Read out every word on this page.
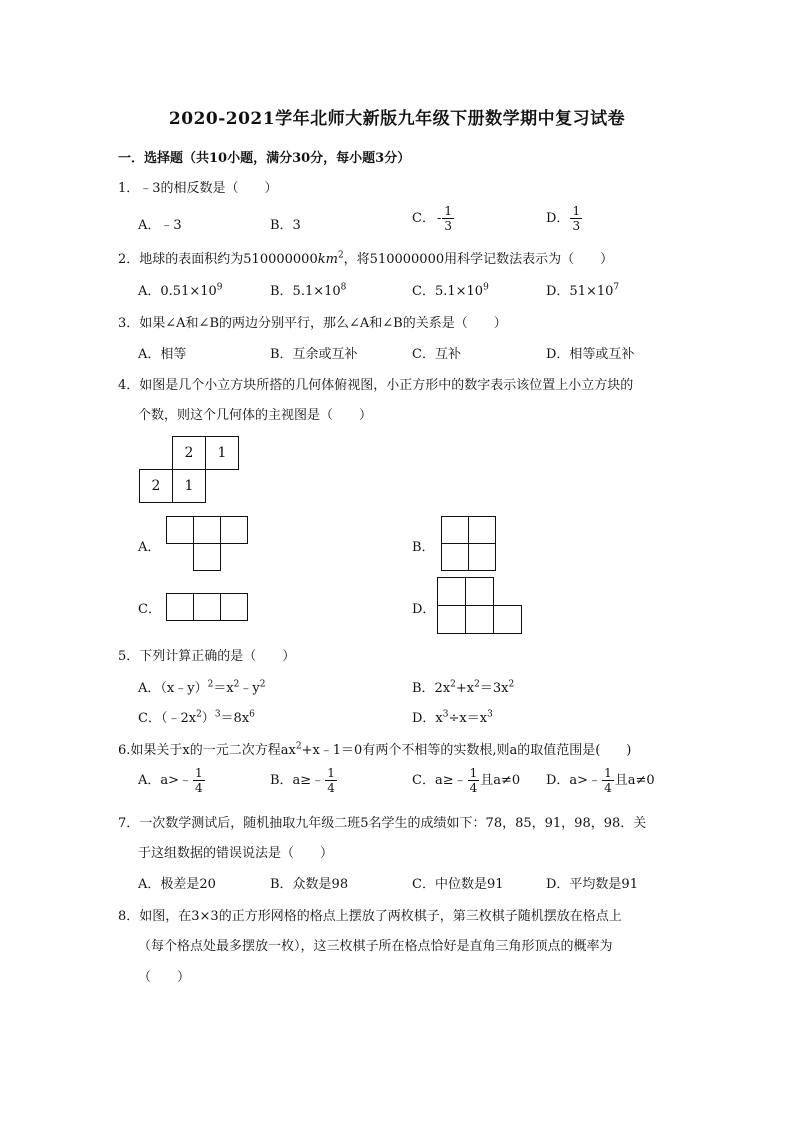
2020-2021学年北师大新版九年级下册数学期中复习试卷
一．选择题（共10小题，满分30分，每小题3分）
1．﹣3的相反数是（　　）
A．﹣3	B．3	C． - $\frac{1}{3}$	D． $\frac{1}{3}$
2．地球的表面积约为$510000000km^2$，将510000000用科学记数法表示为（　　）
A．$0.51\times 10^9$	B．$5.1\times 10^8$	C．$5.1\times 10^9$	D．$51\times 10^7$
3．如果∠A和∠B的两边分别平行，那么∠A和∠B的关系是（　　）
A．相等	B．互余或互补	C．互补	D．相等或互补
4．如图是几个小立方块所搭的几何体俯视图，小正方形中的数字表示该位置上小立方块的
个数，则这个几何体的主视图是（　　）
2	1
2	1
A．	B．
C．	D．
5．下列计算正确的是（　　）
A．$(x﹣y)^2=x^2﹣y^2$	B．$2x^2+x^2=3x^2$
C．$(﹣2x^2)^3=8x^6$	D．$x^3\div x=x^3$
6.如果关于x的一元二次方程$ax^2+x﹣1=0$有两个不相等的实数根,则a的取值范围是(　　)
A．a>﹣ $\frac{1}{4}$	B．a≥﹣ $\frac{1}{4}$	C．a≥﹣ $\frac{1}{4}$ 且a≠0 D．a>﹣ $\frac{1}{4}$ 且a≠0
7．一次数学测试后，随机抽取九年级二班5名学生的成绩如下：78，85，91，98，98．关
于这组数据的错误说法是（　　）
A．极差是20	B．众数是98	C．中位数是91	D．平均数是91
8．如图，在3×3的正方形网格的格点上摆放了两枚棋子，第三枚棋子随机摆放在格点上
（每个格点处最多摆放一枚），这三枚棋子所在格点恰好是直角三角形顶点的概率为
（　　）
